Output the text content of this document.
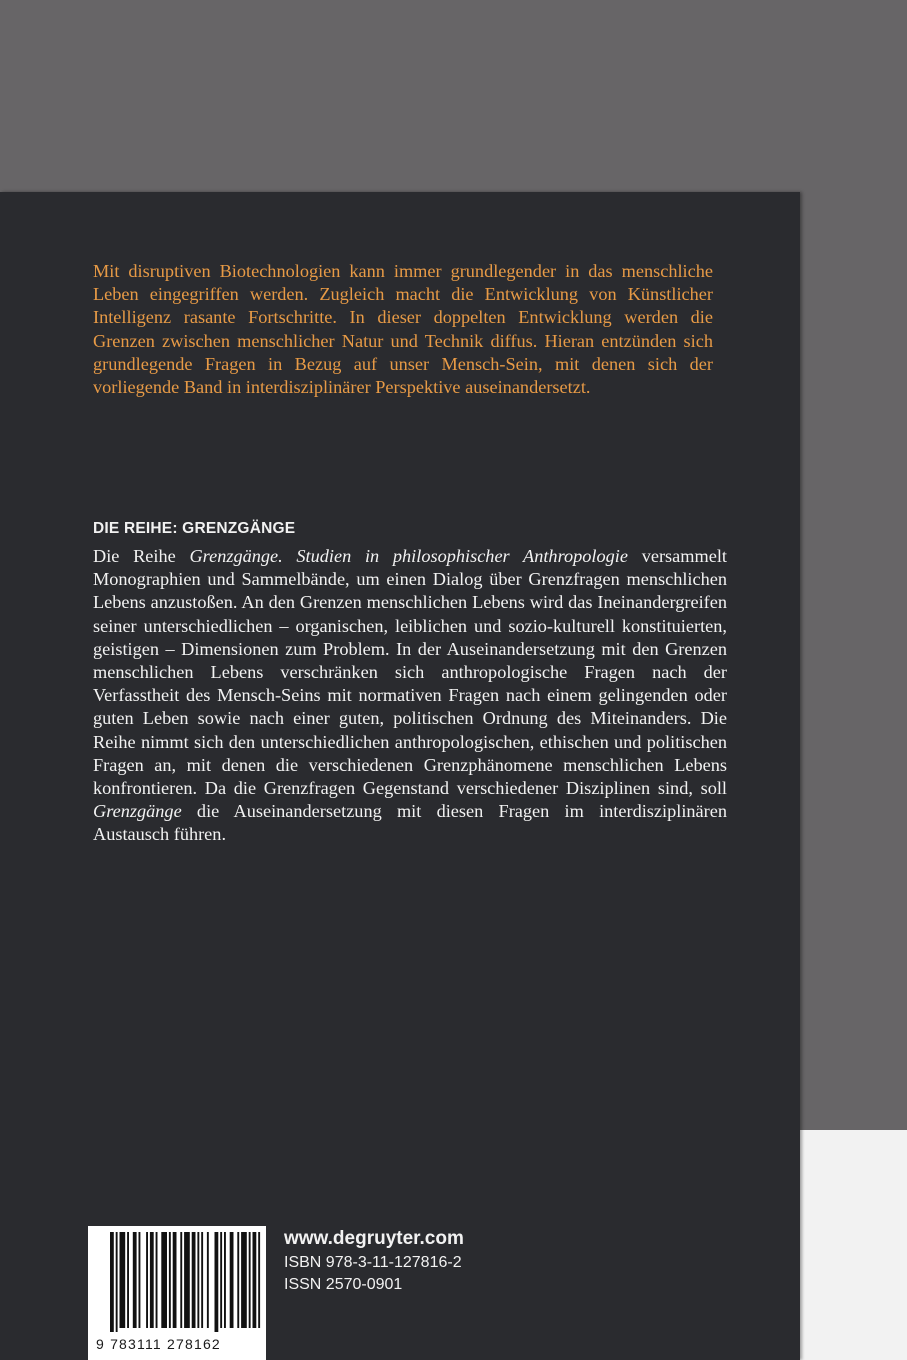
Mit disruptiven Biotechnologien kann immer grundlegender in das menschliche Leben eingegriffen werden. Zugleich macht die Entwicklung von Künstlicher Intelligenz rasante Fortschritte. In dieser doppelten Entwicklung werden die Grenzen zwischen menschlicher Natur und Technik diffus. Hieran entzünden sich grundlegende Fragen in Bezug auf unser Mensch-Sein, mit denen sich der vorliegende Band in interdisziplinärer Perspektive auseinandersetzt.

DIE REIHE: GRENZGÄNGE

Die Reihe Grenzgänge. Studien in philosophischer Anthropologie versammelt Monographien und Sammelbände, um einen Dialog über Grenzfragen menschlichen Lebens anzustoßen. An den Grenzen menschlichen Lebens wird das Ineinandergreifen seiner unterschiedlichen – organischen, leiblichen und sozio-kulturell konstituierten, geistigen – Dimensionen zum Problem. In der Auseinandersetzung mit den Grenzen menschlichen Lebens verschränken sich anthropologische Fragen nach der Verfasstheit des Mensch-Seins mit normativen Fragen nach einem gelingenden oder guten Leben sowie nach einer guten, politischen Ordnung des Miteinanders. Die Reihe nimmt sich den unterschiedlichen anthropologischen, ethischen und politischen Fragen an, mit denen die verschiedenen Grenzphänomene menschlichen Lebens konfrontieren. Da die Grenzfragen Gegenstand verschiedener Disziplinen sind, soll Grenzgänge die Auseinandersetzung mit diesen Fragen im interdisziplinären Austausch führen.

9 783111 278162

www.degruyter.com

ISBN 978-3-11-127816-2

ISSN 2570-0901
